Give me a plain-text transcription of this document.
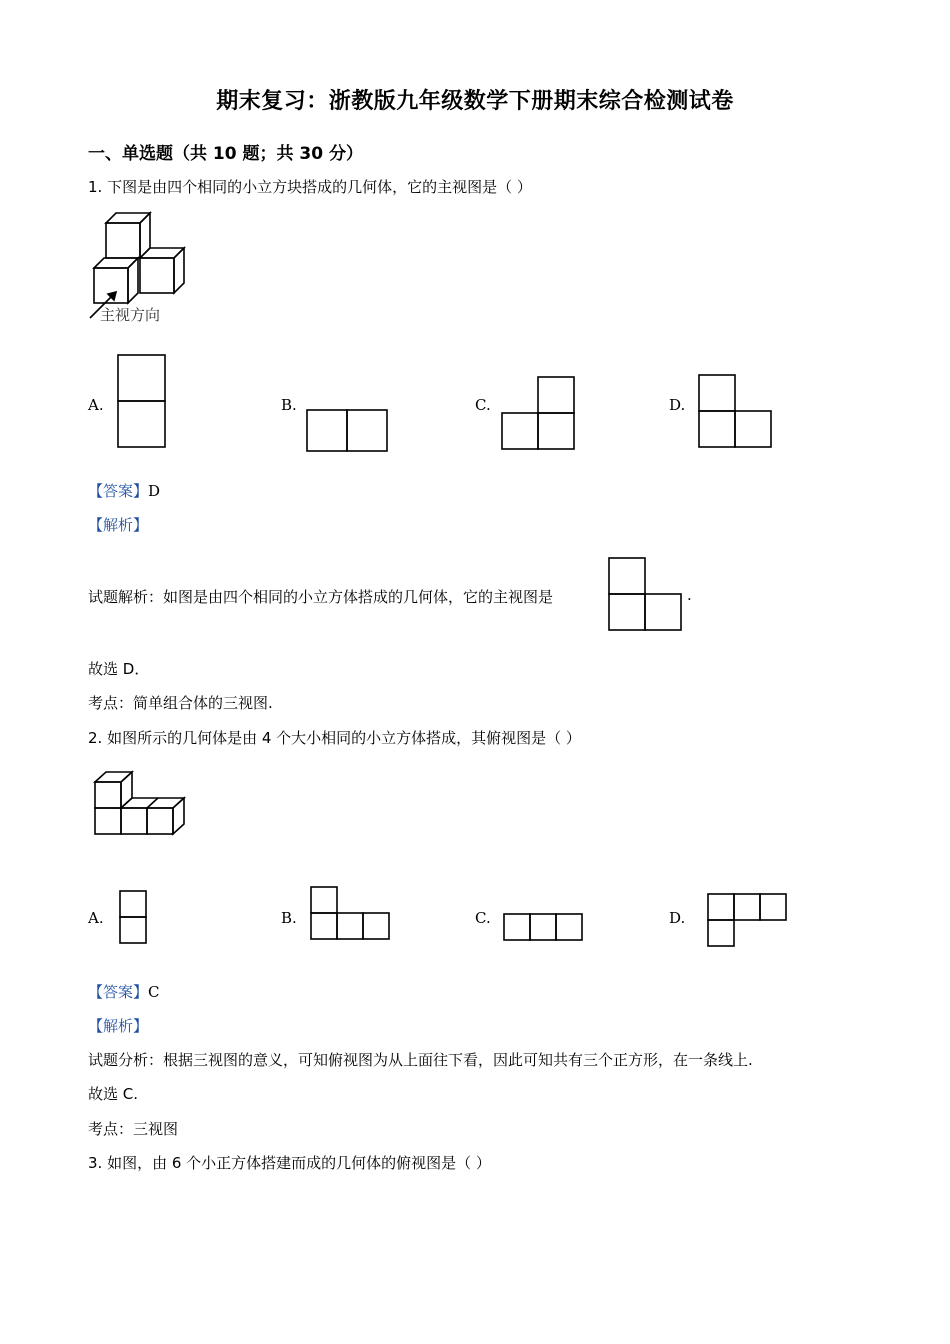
期末复习：浙教版九年级数学下册期末综合检测试卷
一、单选题（共 10 题；共 30 分）
1. 下图是由四个相同的小立方块搭成的几何体，它的主视图是（ ）
主视方向
A.	B.	C.	D.
【答案】D
【解析】
试题解析：如图是由四个相同的小立方体搭成的几何体，它的主视图是	.
故选 D．
考点：简单组合体的三视图.
2. 如图所示的几何体是由 4 个大小相同的小立方体搭成，其俯视图是（ ）
A.	B.	C.	D.
【答案】C
【解析】
试题分析：根据三视图的意义，可知俯视图为从上面往下看，因此可知共有三个正方形，在一条线上.
故选 C.
考点：三视图
3. 如图，由 6 个小正方体搭建而成的几何体的俯视图是（ ）
